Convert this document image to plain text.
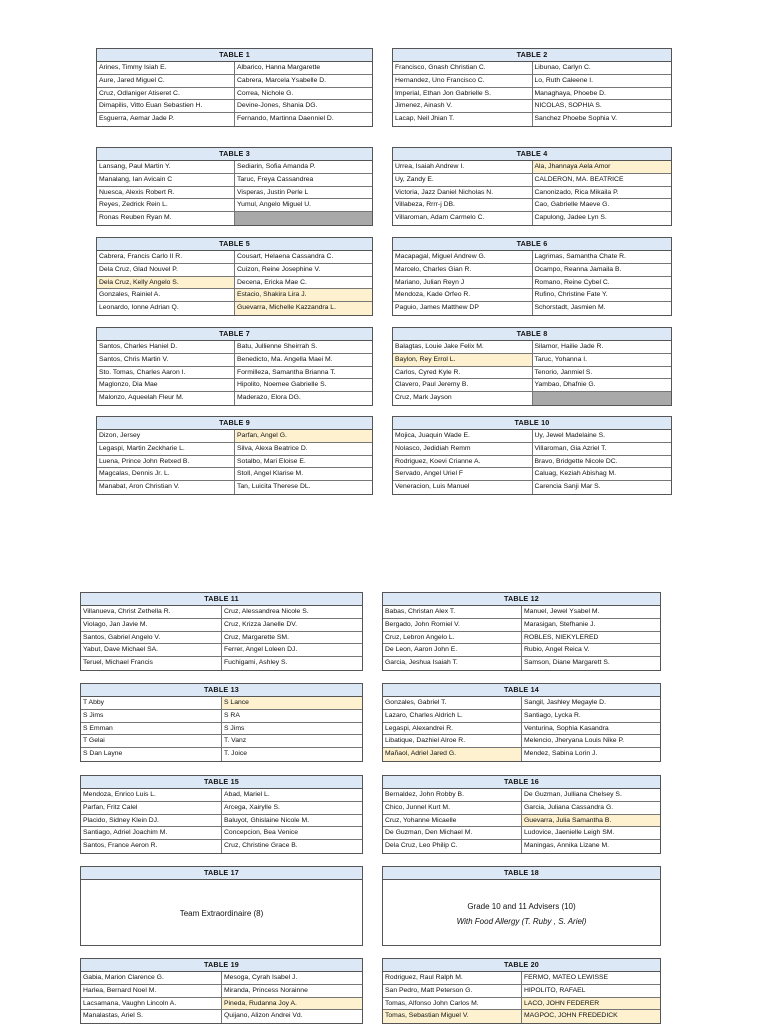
TABLE 1
Arines, Timmy Isiah E.	Albarico, Hanna Margarette
Aure, Jared Miguel C.	Cabrera, Marcela Ysabelle D.
Cruz, Odlaniger Atiseret C.	Correa, Nichole G.
Dimapilis, Vitto Euan Sebastien H.	Devine-Jones, Shania DG.
Esguerra, Aemar Jade P.	Fernando, Martinna Daenniel D.
TABLE 2
Francisco, Gnash Christian C.	Libunao, Carlyn C.
Hernandez, Uno Francisco C.	Lo, Ruth Caleene I.
Imperial, Ethan Jon Gabrielle S.	Managhaya, Phoebe D.
Jimenez, Ainash V.	NICOLAS, SOPHIA S.
Lacap, Neil Jhian T.	Sanchez Phoebe Sophia V.
TABLE 3
Lansang, Paul Martin Y.	Sediarin, Sofia Amanda P.
Manalang, Ian Avicain C	Taruc, Freya Cassandrea
Nuesca, Alexis Robert R.	Visperas, Justin Perle L
Reyes, Zedrick Rein L.	Yumul, Angelo Miguel U.
Ronas Reuben Ryan M.
TABLE 4
Urrea, Isaiah Andrew I.	Ala, Jhannaya Aela Amor
Uy, Zandy E.	CALDERON, MA. BEATRICE
Victoria, Jazz Daniel Nicholas N.	Canonizado, Rica Mikaila P.
Villabeza, Rrrr-j DB.	Cao, Gabrielle Maeve G.
Villaroman, Adam Carmelo C.	Capulong, Jadee Lyn S.
TABLE 5
Cabrera, Francis Carlo II R.	Cousart, Helaena Cassandra C.
Dela Cruz, Glad Nouvel P.	Cuizon, Reine Josephine V.
Dela Cruz, Kelly Angelo S.	Decena, Ericka Mae C.
Gonzales, Rainiel A.	Estacio, Shakira Lira J.
Leonardo, Ionne Adrian Q.	Guevarra, Michelle Kazzandra L.
TABLE 6
Macapagal, Miguel Andrew G.	Lagrimas, Samantha Chate R.
Marcelo, Charles Gian R.	Ocampo, Reanna Jamaila B.
Mariano, Julian Reyn J	Romano, Reine Cybel C.
Mendoza, Kade Orfeo R.	Rufino, Christine Fate Y.
Paguio, James Matthew DP	Schorstadt, Jasmien M.
TABLE 7
Santos, Charles Haniel D.	Batu, Jullienne Sheirrah S.
Santos, Chris Martin V.	Benedicto, Ma. Angella Maei M.
Sto. Tomas, Charles Aaron I.	Formilleza, Samantha Brianna T.
Maglonzo, Dia Mae	Hipolito, Noemee Gabrielle S.
Malonzo, Aqueelah Fleur M.	Maderazo, Elora DG.
TABLE 8
Balagtas, Louie Jake Felix M.	Silamor, Hailie Jade R.
Baylon, Rey Errol L.	Taruc, Yohanna I.
Carlos, Cyred Kyle R.	Tenorio, Janmiel S.
Clavero, Paul Jeremy B.	Yambao, Dhafnie G.
Cruz, Mark Jayson
TABLE 9
Dizon, Jersey	Parfan, Angel G.
Legaspi, Martin Zeckharie L.	Silva, Alexa Beatrice D.
Luena, Prince John Retxed B.	Sotalbo, Mari Eloise E.
Magcalas, Dennis Jr. L.	Stoll, Angel Klarise M.
Manabat, Aron Christian V.	Tan, Luicita Therese DL.
TABLE 10
Mojica, Juaquin Wade E.	Uy, Jewel Madelaine S.
Nolasco, Jedidiah Remm	Villaroman, Gia Azriel T.
Rodriguez, Koevi Crianne A.	Bravo, Bridgette Nicole DC.
Servado, Angel Uriel F	Caluag, Keziah Abishag M.
Veneracion, Luis Manuel	Carencia Sanji Mar S.
TABLE 11
Villanueva, Christ Zethella R.	Cruz, Alessandrea Nicole S.
Violago, Jan Javie M.	Cruz, Krizza Janelle DV.
Santos, Gabriel Angelo V.	Cruz, Margarette SM.
Yabut, Dave Michael SA.	Ferrer, Angel Loleen DJ.
Teruel, Michael Francis	Fuchigami, Ashley S.
TABLE 12
Babas, Christan Alex T.	Manuel, Jewel Ysabel M.
Bergado, John Romiel V.	Marasigan, Stefhanie J.
Cruz, Lebron Angelo L.	ROBLES, NIEKYLERED
De Leon, Aaron John E.	Rubio, Angel Reica V.
Garcia, Jeshua Isaiah T.	Samson, Diane Margarett S.
TABLE 13
T Abby	S Lance
S Jims	S RA
S Emman	S Jims
T Gelai	T. Vanz
S Dan Layne	T. Joice
TABLE 14
Gonzales, Gabriel T.	Sangil, Jashley Megayle D.
Lazaro, Charles Aldrich L.	Santiago, Lycka R.
Legaspi, Alexandrei R.	Venturina, Sophia Kasandra
Libatique, Dazhiel Alroe R.	Melencio, Jheryana Louis Nike P.
Mañaol, Adriel Jared G.	Mendez, Sabina Lorin J.
TABLE 15
Mendoza, Enrico Luis L.	Abad, Mariel L.
Parfan, Fritz Calel	Arcega, Xairylle S.
Placido, Sidney Klein DJ.	Baluyot, Ghislaine Nicole M.
Santiago, Adriel Joachim M.	Concepcion, Bea Venice
Santos, France Aeron R.	Cruz, Christine Grace B.
TABLE 16
Bernaldez, John Robby B.	De Guzman, Julliana Chelsey S.
Chico, Junnel Kurt M.	Garcia, Juliana Cassandra G.
Cruz, Yohanne Micaelle	Guevarra, Julia Samantha B.
De Guzman, Den Michael M.	Ludovice, Jaenielle Leigh SM.
Dela Cruz, Leo Philip C.	Maningas, Annika Lizane M.
TABLE 17
Team Extraordinaire (8)
TABLE 18
Grade 10 and 11 Advisers (10)
With Food Allergy (T. Ruby , S. Ariel)
TABLE 19
Gabia, Marion Clarence G.	Mesoga, Cyrah Isabel J.
Harlea, Bernard Noel M.	Miranda, Princess Norainne
Lacsamana, Vaughn Lincoln A.	Pineda, Rudanna Joy A.
Manalastas, Ariel S.	Quijano, Alizon Andrei Vd.
TABLE 20
Rodriguez, Raul Ralph M.	FERMO, MATEO LEWISSE
San Pedro, Matt Peterson G.	HIPOLITO, RAFAEL
Tomas, Alfonso John Carlos M.	LACO, JOHN FEDERER
Tomas, Sebastian Miguel V.	MAGPOC, JOHN FREDEDICK
